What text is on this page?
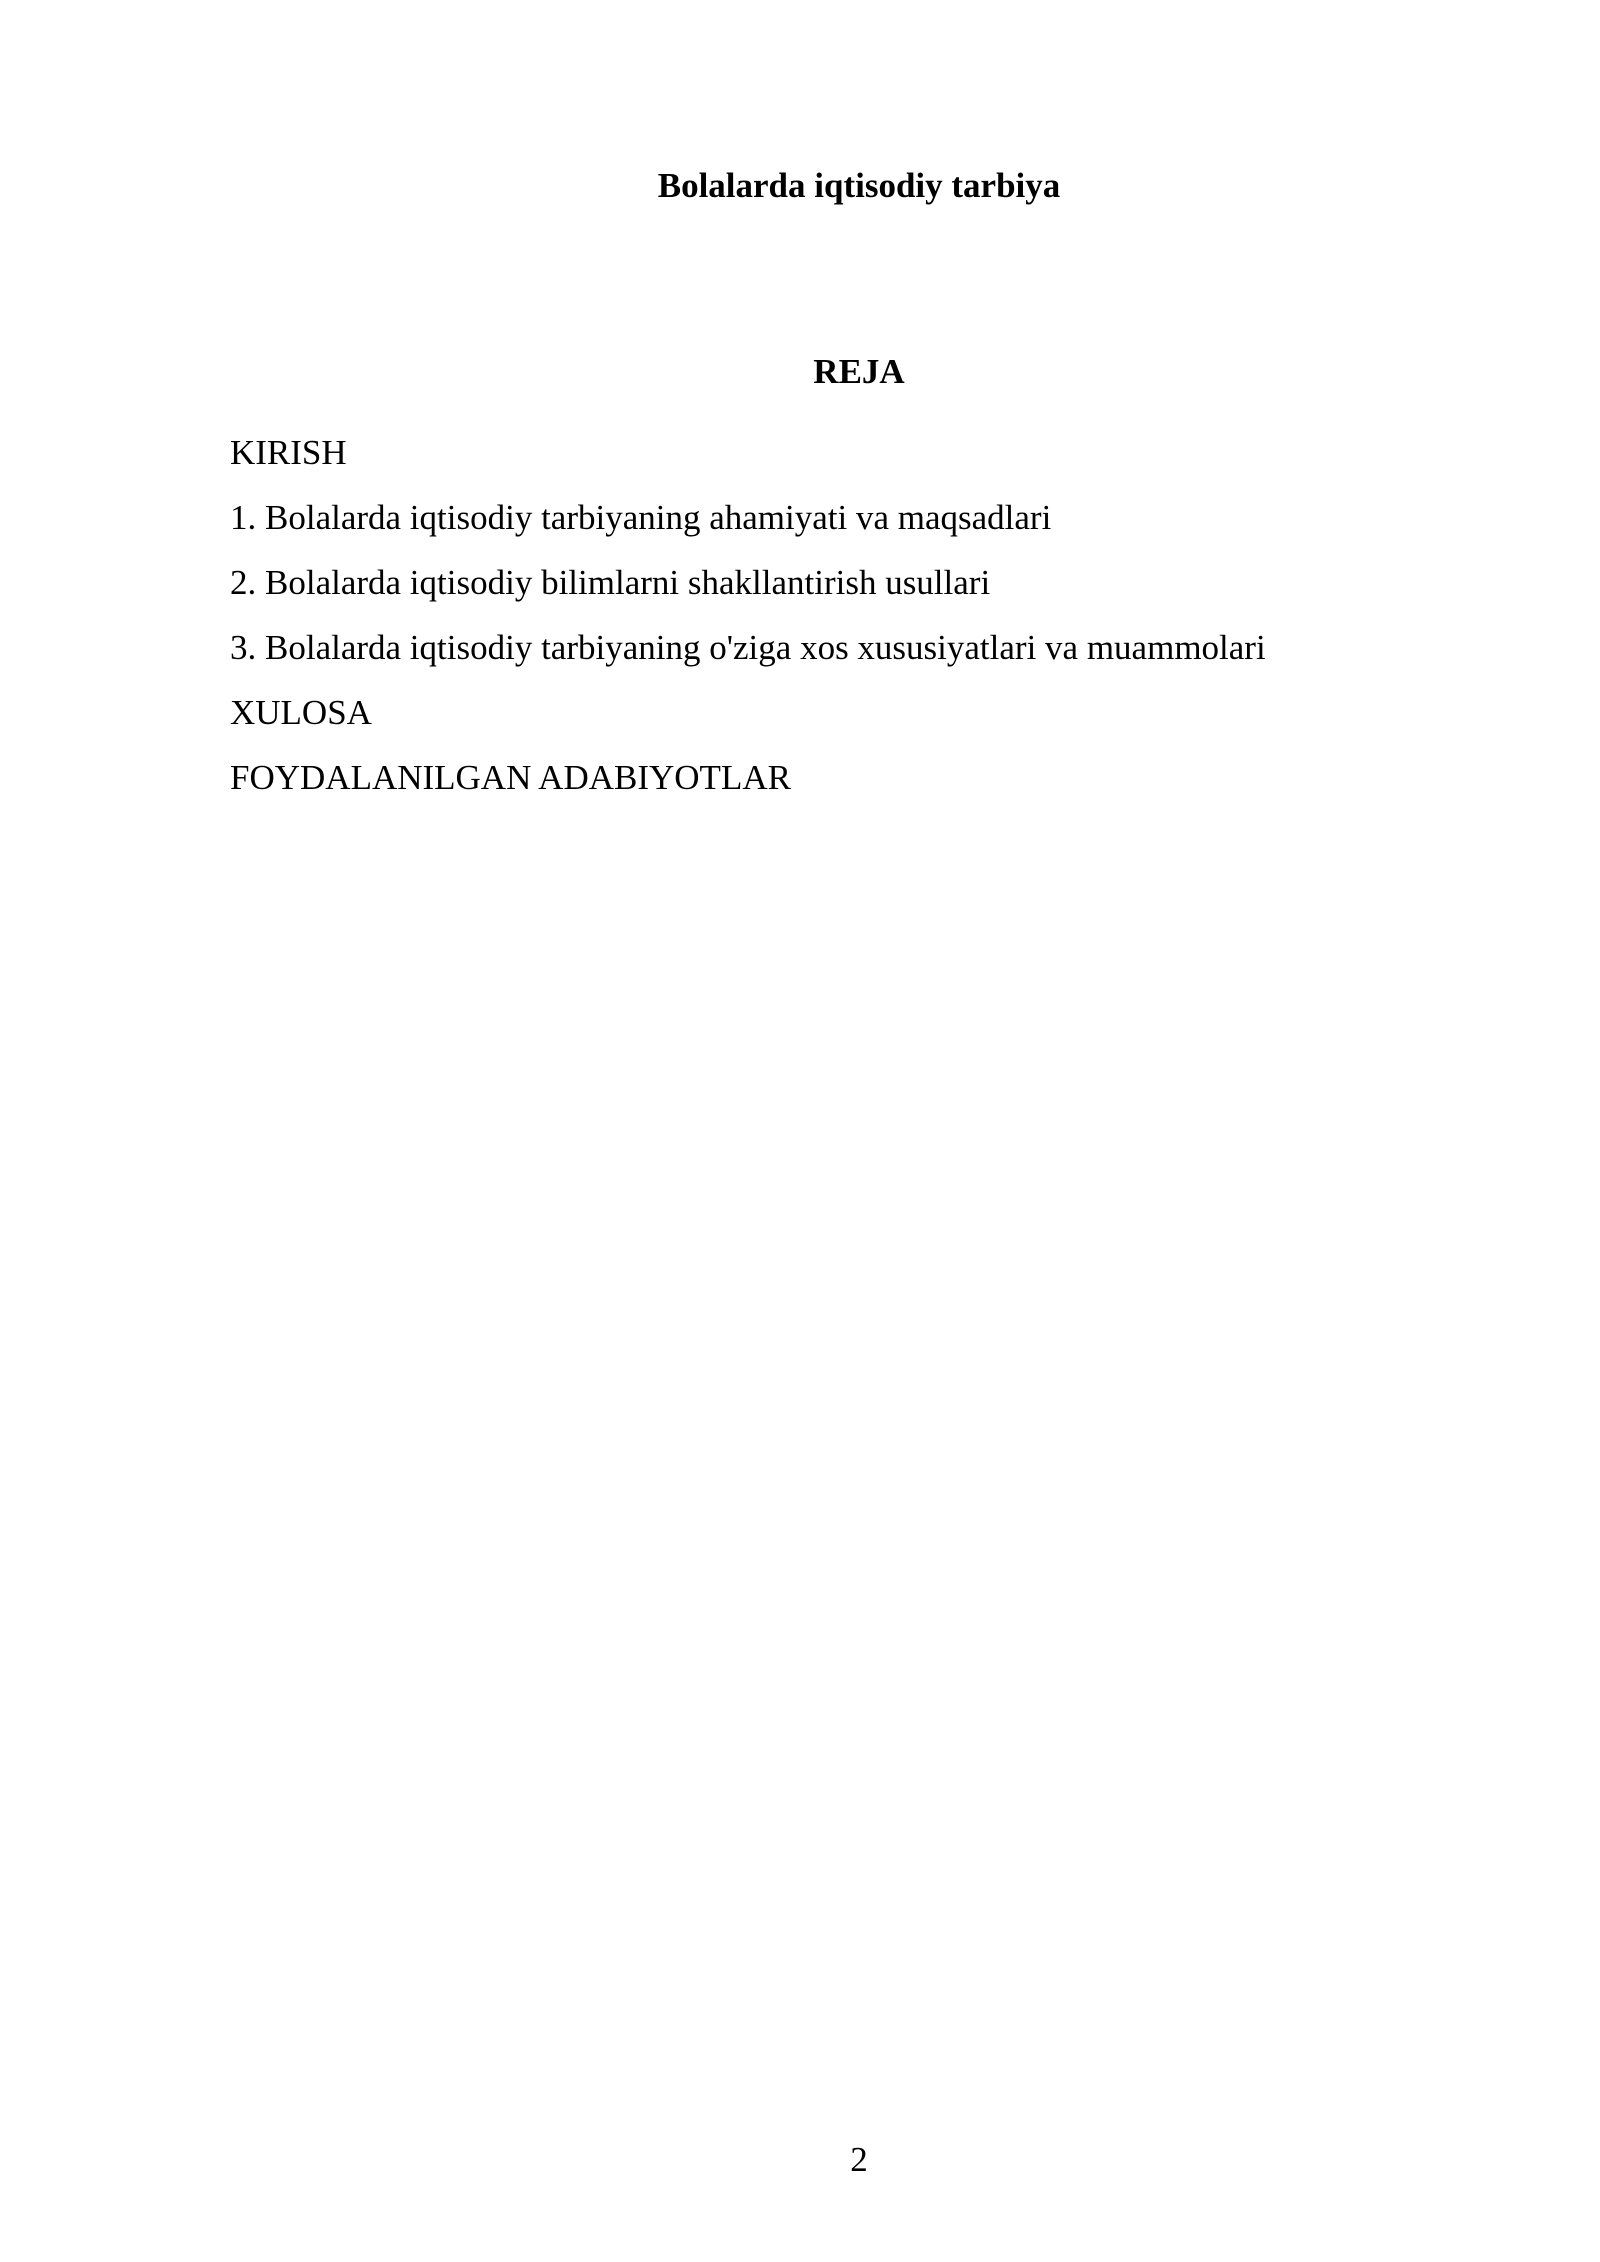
Bolalarda iqtisodiy tarbiya
REJA
KIRISH
1. Bolalarda iqtisodiy tarbiyaning ahamiyati va maqsadlari
2. Bolalarda iqtisodiy bilimlarni shakllantirish usullari
3. Bolalarda iqtisodiy tarbiyaning o'ziga xos xususiyatlari va muammolari
XULOSA
FOYDALANILGAN ADABIYOTLAR
2
